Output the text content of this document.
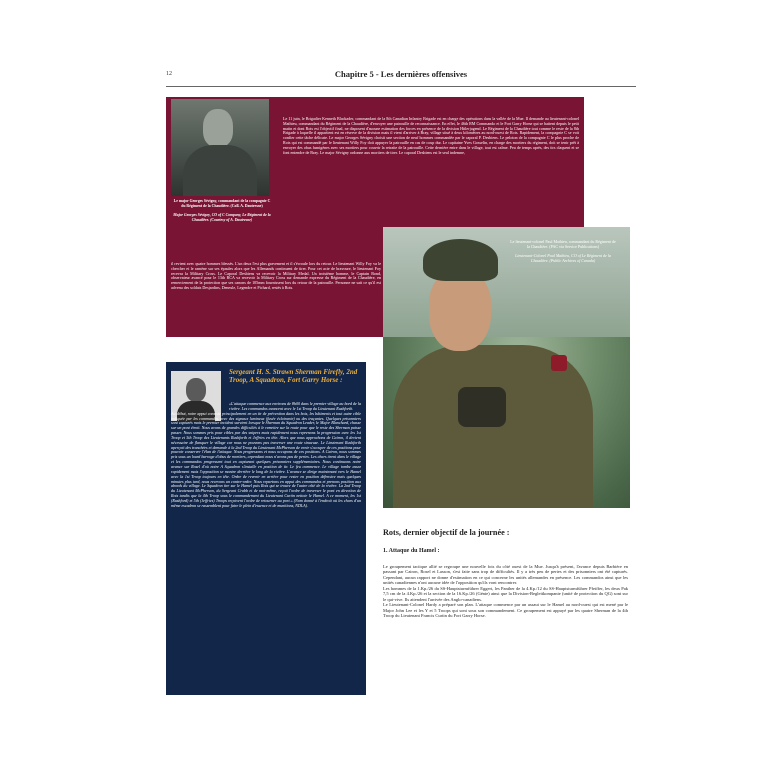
12	Chapitre 5 - Les dernières offensives
Le major Georges Sévigny, commandant de la compagnie C du Régiment de la Chaudière. (Coll. A. Dautresne)
Major Georges Sévigny, CO of C Company, Le Régiment de la Chaudière. (Courtesy of A. Dautresne)

Le 11 juin, le Brigadier Kenneth Blackader, commandant de la 8th Canadian Infantry Brigade est en charge des opérations dans la vallée de la Mue. Il demande au lieutenant-colonel Mathieu, commandant du Régiment de la Chaudière, d'envoyer une patrouille de reconnaissance. En effet, le 46th RM Commando et le Fort Garry Horse qui se battent depuis le petit matin et dont Rots est l'objectif final, ne disposent d'aucune estimation des forces en présence de la division Hitlerjugend. Le Régiment de la Chaudière tout comme le reste de la 8th Brigade à laquelle il appartient est en réserve de la division mais il vient d'arriver à Bray, village situé à deux kilomètres au nord-ouest de Rots. Rapidement, la compagnie C se voit confier cette tâche délicate. Le major Georges Sévigny choisit une section de neuf hommes commandée par le caporal P. Desbiens. Le peloton de la compagnie C le plus proche de Rots qui est commandé par le lieutenant Willy Foy doit appuyer la patrouille en cas de coup dur. Le capitaine Yves Gosselin, en charge des mortiers du régiment, doit se tenir prêt à envoyer des obus fumigènes avec ses mortiers pour couvrir la retraite de la patrouille. Cette dernière entre dans le village, tout est calme. Peu de temps après, des tirs claquent et se font entendre de Bray. Le major Sévigny ordonne aux mortiers de tirer. Le caporal Desbiens est le seul indemne,

il revient avec quatre hommes blessés. L'un deux l'est plus gravement et il s'écroule lors du retour. Le lieutenant Willy Foy va le chercher et le ramène sur ses épaules alors que les Allemands continuent de tirer. Pour cet acte de bravoure, le lieutenant Foy recevra la Military Cross. Le Caporal Desbiens va recevoir la Military Medal. Un troisième homme, le Captain Bond, observateur avancé pour le 13th RCA va recevoir la Military Cross sur demande expresse du Régiment de la Chaudière, en remerciement de la protection que ses canons de 105mm fournissent lors du retour de la patrouille. Personne ne sait ce qu'il est advenu des soldats Desjardins, Deneule, Legendre et Pichard, restés à Rots.

Le lieutenant-colonel Paul Mathieu, commandant du Régiment de la Chaudière. (PAC via Service Publications)
Lieutenant-Colonel Paul Mathieu, CO of Le Régiment de la Chaudière. (Public Archives of Canada)
Sergeant H. S. Strawn Sherman Firefly, 2nd Troop, A Squadron, Fort Garry Horse :
«L'attaque commence aux environs de 8h00 dans le premier village au bord de la rivière. Les commandos avancent avec le 1st Troop du Lieutenant Rushforth.
Au début, notre appui consiste principalement en un tir de prévention dans les bois, les bâtiments et tout autre cible indiquée par les commandos avec des signaux lumineux (fusée éclairante) ou des traçantes. Quelques prisonniers sont capturés mais le premier incident survient lorsque le Sherman du Squadron Leader, le Major Blanchard, chasse sur un pont étroit. Nous avons de grandes difficultés à le remettre sur la route pour que le reste des Sherman puisse passer. Nous sommes pris pour cibles par des snipers mais rapidement nous reprenons la progression avec les 1st Troop et 5th Troop des Lieutenants Rushforth et Jeffries en tête. Alors que nous approchons de Cairon, il devient nécessaire de flanquer le village car nous ne pouvons pas traverser une route sinueuse. Le Lieutenant Rushforth aperçoit des tranchées et demande à la 2nd Troop du Lieutenant McPherson de venir s'occuper de ces positions pour pouvoir conserver l'élan de l'attaque. Nous progressons et nous occupons de ces positions. A Cairon, nous sommes pris sous un lourd barrage d'obus de mortiers, cependant nous n'avons pas de pertes. Les chars tirent dans le village et les commandos progressent tout en capturant quelques prisonniers supplémentaires. Nous continuons notre avance sur Rosel d'où notre A Squadron s'installe en position de tir. Le feu commence. Le village tombe assez rapidement mais l'opposition se montre derrière le long de la rivière. L'avance se dirige maintenant vers le Hamel avec la 1st Troop toujours en tête. Ordre de revenir en arrière pour rester en position défensive mais quelques minutes plus tard, nous recevons un contre-ordre. Nous repartons en appui des commandos et prenons position aux abords du village. Le Squadron tire sur le Hamel puis Rots qui se trouve de l'autre côté de la rivière. La 2nd Troop du Lieutenant McPherson, du Sergeant Crabb et de moi-même, reçoit l'ordre de traverser le pont en direction de Rots tandis que la 4th Troop sous le commandement du Lieutenant Curtin nettoie le Hamel. A ce moment, les 1st (Rushford) et 5th (Jeffries) Troops reçoivent l'ordre de retourner au port.» (Nom donné à l'endroit où les chars d'un même escadron se rassemblent pour faire le plein d'essence et de munitions, NDLA).
Rots, dernier objectif de la journée :
1. Attaque du Hamel :

Le groupement tactique allié se regroupe une nouvelle fois du côté ouest de la Mue. Jusqu'à présent, l'avance depuis Barbière en passant par Cairon, Rosel et Lasson, s'est faite sans trop de difficultés. Il y a très peu de pertes et des prisonniers ont été capturés. Cependant, aucun rapport ne donne d'estimation en ce qui concerne les unités allemandes en présence. Les commandos ainsi que les unités canadiennes n'ont aucune idée de l'opposition qu'ils vont rencontrer.

Les hommes de la 1.Kp./26 du SS-Hauptsturmführer Eggert, les Panther de la 4.Kp./12 du SS-Hauptsturmführer Pfeiffer, les deux Pak 7,5 cm de la 4.Kp./26 et la section de la 16.Kp./26 (Génie) ainsi que la Division-Begleitkompanie (unité de protection du QG) sont sur le qui-vive. Ils attendent l'arrivée des Anglo-canadiens.

Le Lieutenant-Colonel Hardy a préparé son plan. L'attaque commence par un assaut sur le Hamel au nord-ouest qui est mené par le Major John Lee et les Y et 5 Troops qui sont sous son commandement. Ce groupement est appuyé par les quatre Sherman de la 4th Troop du Lieutenant Francis Curtin du Fort Garry Horse.
